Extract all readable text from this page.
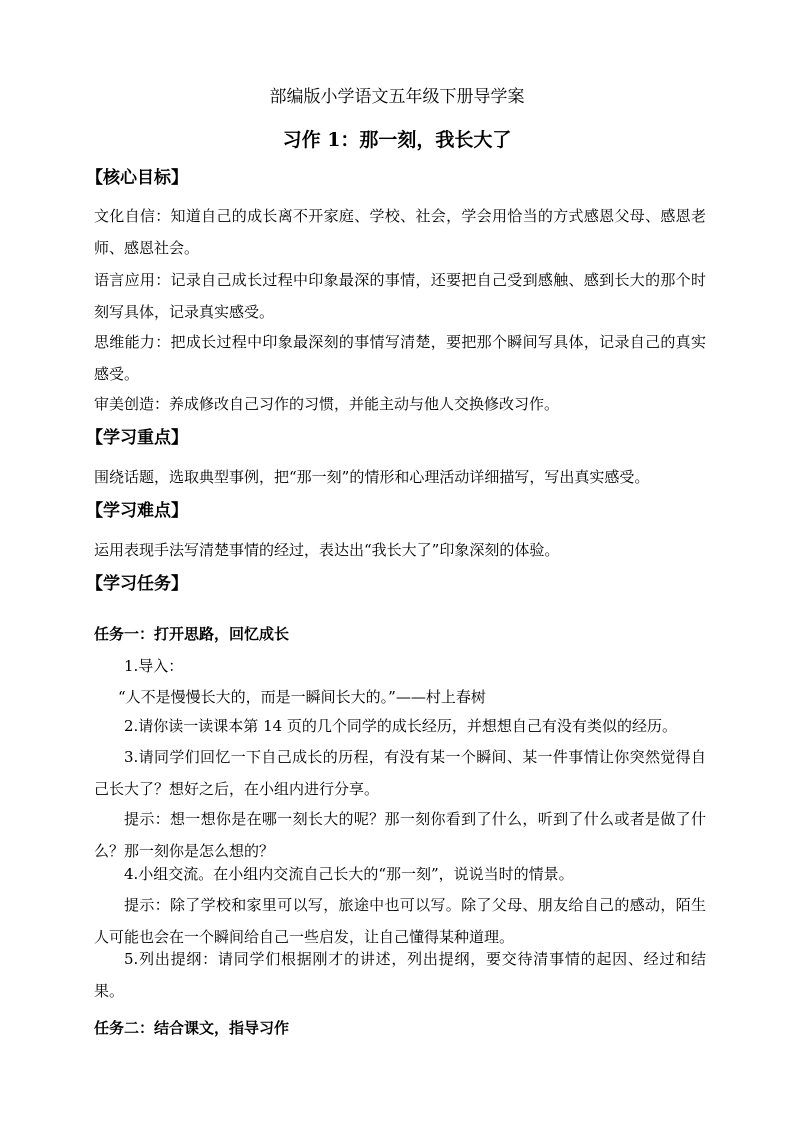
部编版小学语文五年级下册导学案
习作 1：那一刻，我长大了
【核心目标】
文化自信：知道自己的成长离不开家庭、学校、社会，学会用恰当的方式感恩父母、感恩老师、感恩社会。
语言应用：记录自己成长过程中印象最深的事情，还要把自己受到感触、感到长大的那个时刻写具体，记录真实感受。
思维能力：把成长过程中印象最深刻的事情写清楚，要把那个瞬间写具体，记录自己的真实感受。
审美创造：养成修改自己习作的习惯，并能主动与他人交换修改习作。
【学习重点】
围绕话题，选取典型事例，把“那一刻”的情形和心理活动详细描写，写出真实感受。
【学习难点】
运用表现手法写清楚事情的经过，表达出“我长大了”印象深刻的体验。
【学习任务】
任务一：打开思路，回忆成长
1.导入：
“人不是慢慢长大的，而是一瞬间长大的。”——村上春树
2.请你读一读课本第 14 页的几个同学的成长经历，并想想自己有没有类似的经历。
3.请同学们回忆一下自己成长的历程，有没有某一个瞬间、某一件事情让你突然觉得自己长大了？想好之后，在小组内进行分享。
提示：想一想你是在哪一刻长大的呢？那一刻你看到了什么，听到了什么或者是做了什么？那一刻你是怎么想的？
4.小组交流。在小组内交流自己长大的“那一刻”，说说当时的情景。
提示：除了学校和家里可以写，旅途中也可以写。除了父母、朋友给自己的感动，陌生人可能也会在一个瞬间给自己一些启发，让自己懂得某种道理。
5.列出提纲：请同学们根据刚才的讲述，列出提纲，要交待清事情的起因、经过和结果。
任务二：结合课文，指导习作
